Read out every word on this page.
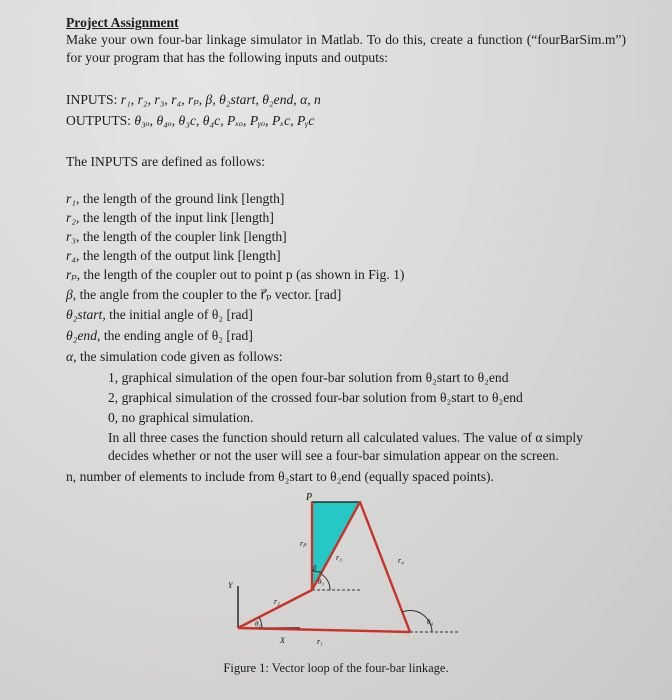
Project Assignment
Make your own four-bar linkage simulator in Matlab. To do this, create a function (“fourBarSim.m”) for your program that has the following inputs and outputs:
INPUTS: r₁, r₂, r₃, r₄, rₚ, β, θ₂start, θ₂end, α, n
OUTPUTS: θ₃ₒ, θ₄ₒ, θ₃c, θ₄c, Pₓₒ, Pᵧₒ, Pₓc, Pᵧc
The INPUTS are defined as follows:
r₁, the length of the ground link [length]
r₂, the length of the input link [length]
r₃, the length of the coupler link [length]
r₄, the length of the output link [length]
rₚ, the length of the coupler out to point p (as shown in Fig. 1)
β, the angle from the coupler to the r⃗ₚ vector. [rad]
θ₂start, the initial angle of θ₂ [rad]
θ₂end, the ending angle of θ₂ [rad]
α, the simulation code given as follows:
1, graphical simulation of the open four-bar solution from θ₂start to θ₂end
2, graphical simulation of the crossed four-bar solution from θ₂start to θ₂end
0, no graphical simulation.
In all three cases the function should return all calculated values. The value of α simply decides whether or not the user will see a four-bar simulation appear on the screen.
n, number of elements to include from θ₂start to θ₂end (equally spaced points).
P
rₚ
r₃	r₄
r₂
r₁
β
θ₃
θ₂	θ₄
X
Y
Figure 1: Vector loop of the four-bar linkage.
